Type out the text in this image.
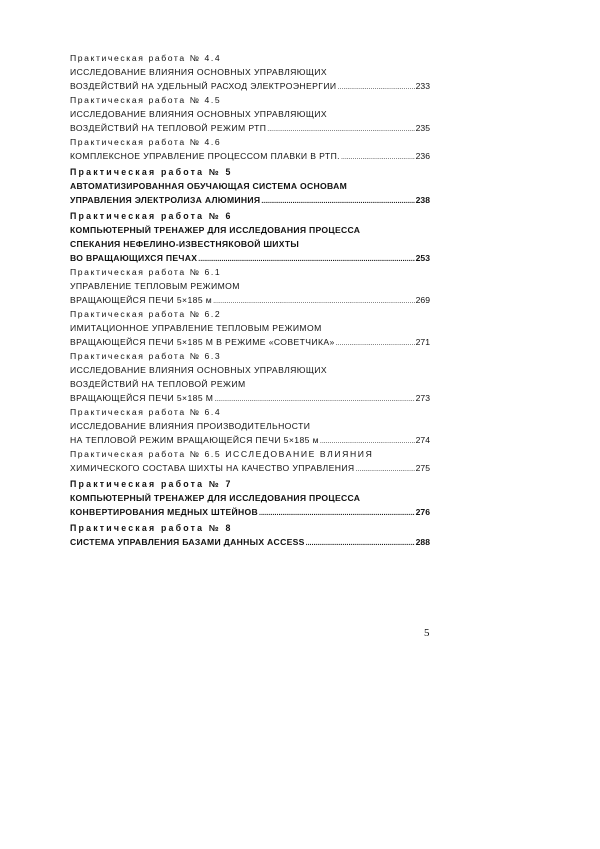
Практическая работа № 4.4
ИССЛЕДОВАНИЕ ВЛИЯНИЯ ОСНОВНЫХ УПРАВЛЯЮЩИХ
ВОЗДЕЙСТВИЙ НА УДЕЛЬНЫЙ РАСХОД ЭЛЕКТРОЭНЕРГИИ .....	233
Практическая работа № 4.5
ИССЛЕДОВАНИЕ ВЛИЯНИЯ ОСНОВНЫХ УПРАВЛЯЮЩИХ
ВОЗДЕЙСТВИЙ НА ТЕПЛОВОЙ РЕЖИМ РТП .....	235
Практическая работа № 4.6
КОМПЛЕКСНОЕ УПРАВЛЕНИЕ ПРОЦЕССОМ ПЛАВКИ В РТП. .....	236
Практическая работа № 5
АВТОМАТИЗИРОВАННАЯ ОБУЧАЮЩАЯ СИСТЕМА ОСНОВАМ
УПРАВЛЕНИЯ ЭЛЕКТРОЛИЗА АЛЮМИНИЯ .....	238
Практическая работа № 6
КОМПЬЮТЕРНЫЙ ТРЕНАЖЕР ДЛЯ ИССЛЕДОВАНИЯ ПРОЦЕССА
СПЕКАНИЯ НЕФЕЛИНО-ИЗВЕСТНЯКОВОЙ ШИХТЫ
ВО ВРАЩАЮЩИХСЯ ПЕЧАХ .....	253
Практическая работа № 6.1
УПРАВЛЕНИЕ ТЕПЛОВЫМ РЕЖИМОМ
ВРАЩАЮЩЕЙСЯ ПЕЧИ 5×185 м .....	269
Практическая работа № 6.2
ИМИТАЦИОННОЕ УПРАВЛЕНИЕ ТЕПЛОВЫМ РЕЖИМОМ
ВРАЩАЮЩЕЙСЯ ПЕЧИ 5×185 М В РЕЖИМЕ «СОВЕТЧИКА» .....	271
Практическая работа № 6.3
ИССЛЕДОВАНИЕ ВЛИЯНИЯ ОСНОВНЫХ УПРАВЛЯЮЩИХ
ВОЗДЕЙСТВИЙ НА ТЕПЛОВОЙ РЕЖИМ
ВРАЩАЮЩЕЙСЯ ПЕЧИ 5×185 М .....	273
Практическая работа № 6.4
ИССЛЕДОВАНИЕ ВЛИЯНИЯ ПРОИЗВОДИТЕЛЬНОСТИ
НА ТЕПЛОВОЙ РЕЖИМ ВРАЩАЮЩЕЙСЯ ПЕЧИ 5×185 м .....	274
Практическая работа № 6.5 ИССЛЕДОВАНИЕ ВЛИЯНИЯ
ХИМИЧЕСКОГО СОСТАВА ШИХТЫ НА КАЧЕСТВО УПРАВЛЕНИЯ .....	275
Практическая работа № 7
КОМПЬЮТЕРНЫЙ ТРЕНАЖЕР ДЛЯ ИССЛЕДОВАНИЯ ПРОЦЕССА
КОНВЕРТИРОВАНИЯ МЕДНЫХ ШТЕЙНОВ .....	276
Практическая работа № 8
СИСТЕМА УПРАВЛЕНИЯ БАЗАМИ ДАННЫХ ACCESS .....	288
5
